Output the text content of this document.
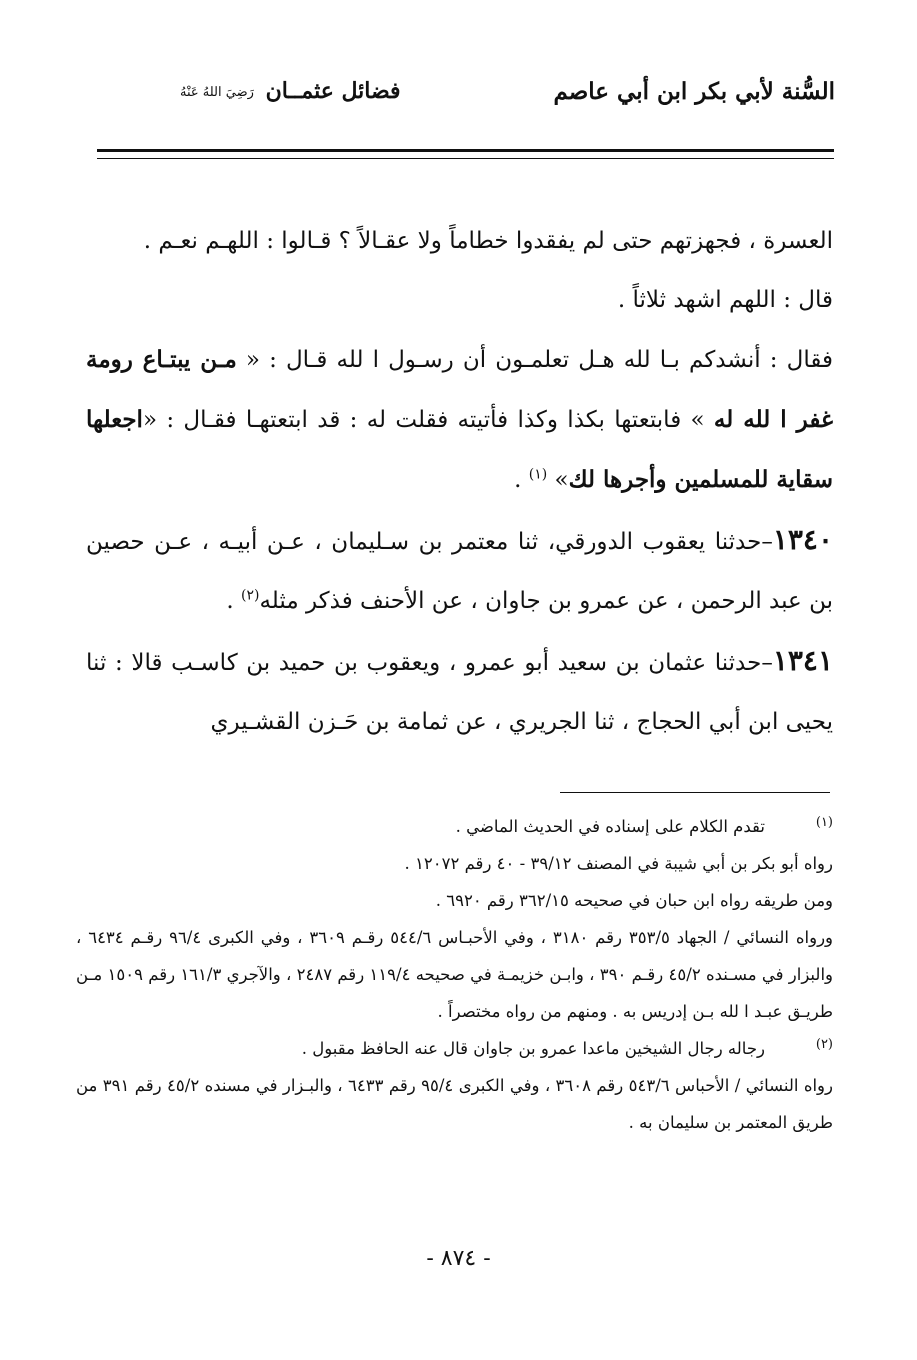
السُّنة لأبي بكر ابن أبي عاصم
فضائل عثمــان رَضِيَ اللهُ عَنْهُ

العسرة ، فجهزتهم حتى لم يفقدوا خطاماً ولا عقـالاً ؟ قـالوا : اللهـم نعـم .

قال : اللهم اشهد ثلاثاً .

فقال : أنشدكم بـا لله هـل تعلمـون أن رسـول ا لله قـال : « مـن يبتـاع رومة غفر ا لله له » فابتعتها بكذا وكذا فأتيته فقلت له : قد ابتعتهـا فقـال : «اجعلها سقاية للمسلمين وأجرها لك» $^{(١)}$ .

١٣٤٠–حدثنا يعقوب الدورقي، ثنا معتمر بن سـليمان ، عـن أبيـه ، عـن حصين بن عبد الرحمن ، عن عمرو بن جاوان ، عن الأحنف فذكر مثله$^{(٢)}$ .

١٣٤١–حدثنا عثمان بن سعيد أبو عمرو ، ويعقوب بن حميد بن كاسـب قالا : ثنا يحيى ابن أبي الحجاج ، ثنا الجريري ، عن ثمامة بن حَـزن القشـيري

(١)
تقدم الكلام على إسناده في الحديث الماضي .
رواه أبو بكر بن أبي شيبة في المصنف ٣٩/١٢ - ٤٠ رقم ١٢٠٧٢ .
ومن طريقه رواه ابن حبان في صحيحه ٣٦٢/١٥ رقم ٦٩٢٠ .
ورواه النسائي / الجهاد ٣٥٣/٥ رقم ٣١٨٠ ، وفي الأحبـاس ٥٤٤/٦ رقـم ٣٦٠٩ ، وفي الكبرى ٩٦/٤ رقـم ٦٤٣٤ ، والبزار في مسـنده ٤٥/٢ رقـم ٣٩٠ ، وابـن خزيمـة في صحيحه ١١٩/٤ رقم ٢٤٨٧ ، والآجري ١٦١/٣ رقم ١٥٠٩ مـن طريـق عبـد ا لله بـن إدريس به . ومنهم من رواه مختصراً .
(٢)
رجاله رجال الشيخين ماعدا عمرو بن جاوان قال عنه الحافظ مقبول .
رواه النسائي / الأحباس ٥٤٣/٦ رقم ٣٦٠٨ ، وفي الكبرى ٩٥/٤ رقم ٦٤٣٣ ، والبـزار في مسنده ٤٥/٢ رقم ٣٩١ من طريق المعتمر بن سليمان به .
- ٨٧٤ -
